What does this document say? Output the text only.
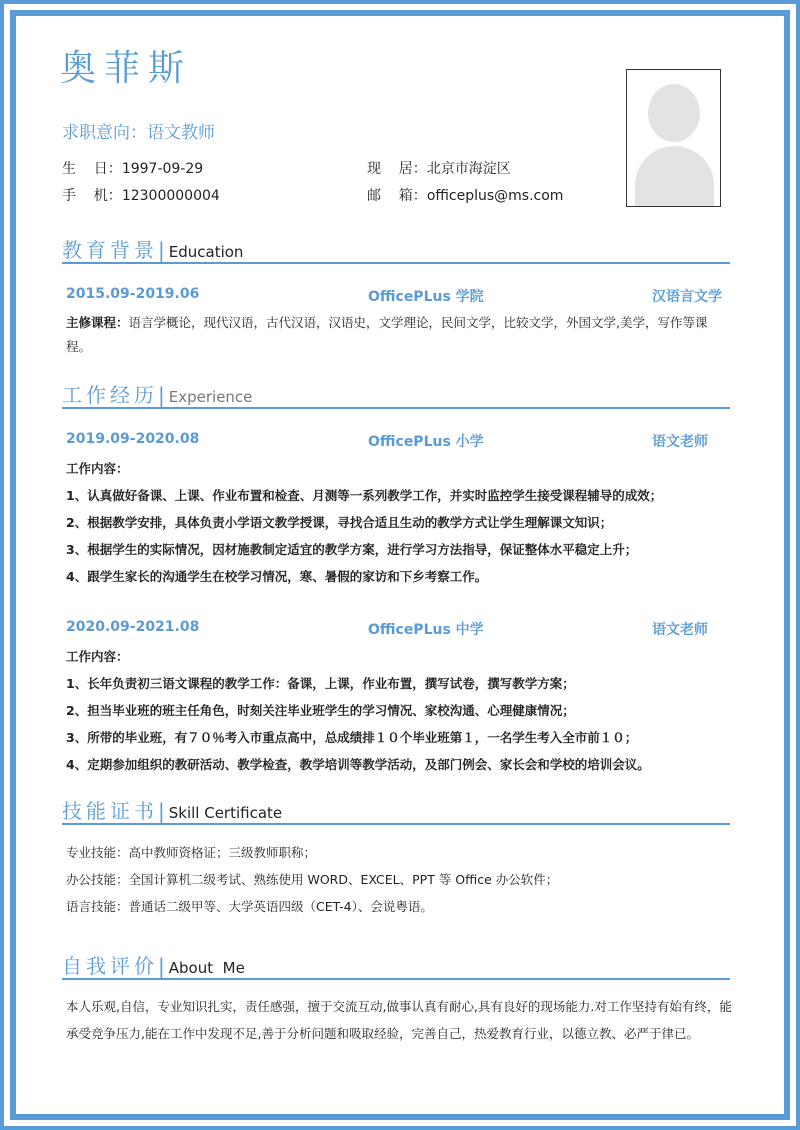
奥菲斯
求职意向：语文教师
生    日：1997-09-29
手    机：12300000004
现    居：北京市海淀区
邮    箱：officeplus@ms.com
教育背景| Education
2015.09-2019.06	OfficePLus 学院	汉语言文学
主修课程：语言学概论，现代汉语，古代汉语，汉语史，文学理论，民间文学，比较文学，外国文学,美学，写作等课程。
工作经历| Experience
2019.09-2020.08	OfficePLus 小学	语文老师
工作内容：
1、认真做好备课、上课、作业布置和检查、月测等一系列教学工作，并实时监控学生接受课程辅导的成效；
2、根据教学安排，具体负责小学语文教学授课，寻找合适且生动的教学方式让学生理解课文知识；
3、根据学生的实际情况，因材施教制定适宜的教学方案，进行学习方法指导，保证整体水平稳定上升；
4、跟学生家长的沟通学生在校学习情况，寒、暑假的家访和下乡考察工作。
2020.09-2021.08	OfficePLus 中学	语文老师
工作内容：
1、长年负责初三语文课程的教学工作：备课，上课，作业布置，撰写试卷，撰写教学方案；
2、担当毕业班的班主任角色，时刻关注毕业班学生的学习情况、家校沟通、心理健康情况；
3、所带的毕业班，有７０％考入市重点高中，总成绩排１０个毕业班第１，一名学生考入全市前１０；
4、定期参加组织的教研活动、教学检查，教学培训等教学活动，及部门例会、家长会和学校的培训会议。
技能证书| Skill Certificate
专业技能：高中教师资格证；三级教师职称；
办公技能：全国计算机二级考试、熟练使用 WORD、EXCEL、PPT 等 Office 办公软件；
语言技能：普通话二级甲等、大学英语四级（CET-4）、会说粤语。
自我评价| About  Me
本人乐观,自信，专业知识扎实，责任感强，擅于交流互动,做事认真有耐心,具有良好的现场能力.对工作坚持有始有终，能承受竞争压力,能在工作中发现不足,善于分析问题和吸取经验，完善自己，热爱教育行业，以德立教、必严于律已。
